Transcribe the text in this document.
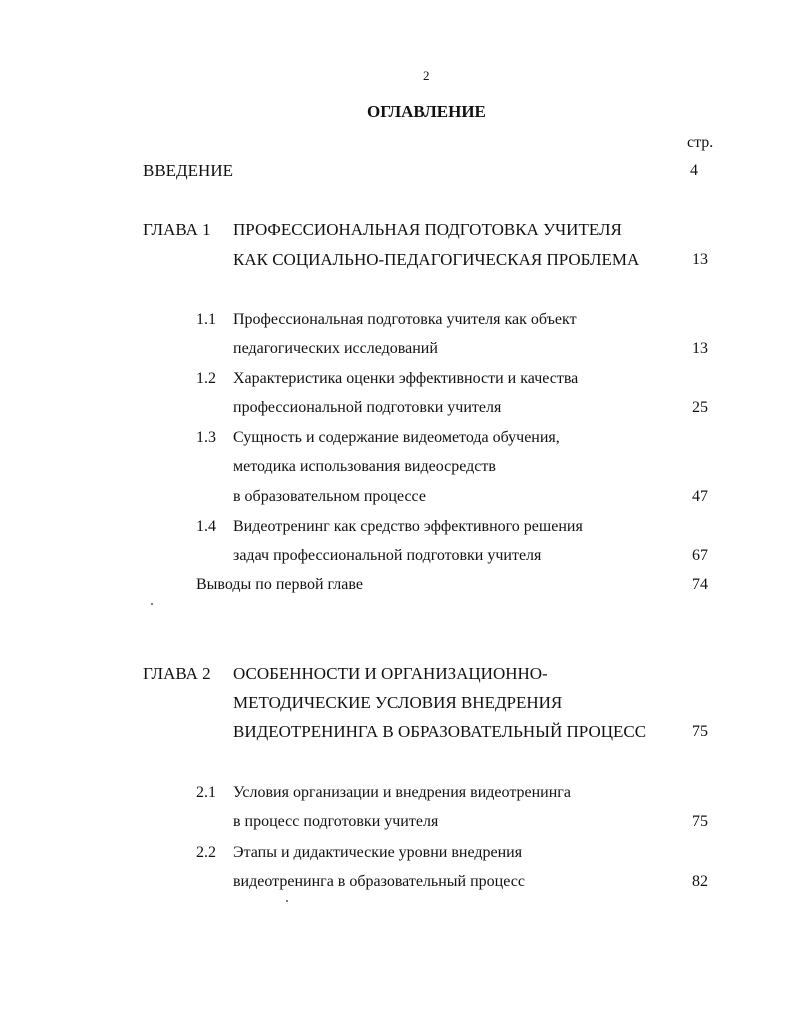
2
ОГЛАВЛЕНИЕ
стр.
ВВЕДЕНИЕ	4
ГЛАВА 1 ПРОФЕССИОНАЛЬНАЯ ПОДГОТОВКА УЧИТЕЛЯ
КАК СОЦИАЛЬНО-ПЕДАГОГИЧЕСКАЯ ПРОБЛЕМА	13
1.1 Профессиональная подготовка учителя как объект
педагогических исследований	13
1.2 Характеристика оценки эффективности и качества
профессиональной подготовки учителя	25
1.3 Сущность и содержание видеометода обучения,
методика использования видеосредств
в образовательном процессе	47
1.4 Видеотренинг как средство эффективного решения
задач профессиональной подготовки учителя	67
Выводы по первой главе	74
ГЛАВА 2 ОСОБЕННОСТИ И ОРГАНИЗАЦИОННО-
МЕТОДИЧЕСКИЕ УСЛОВИЯ ВНЕДРЕНИЯ
ВИДЕОТРЕНИНГА В ОБРАЗОВАТЕЛЬНЫЙ ПРОЦЕСС	75
2.1 Условия организации и внедрения видеотренинга
в процесс подготовки учителя	75
2.2 Этапы и дидактические уровни внедрения
видеотренинга в образовательный процесс	82
